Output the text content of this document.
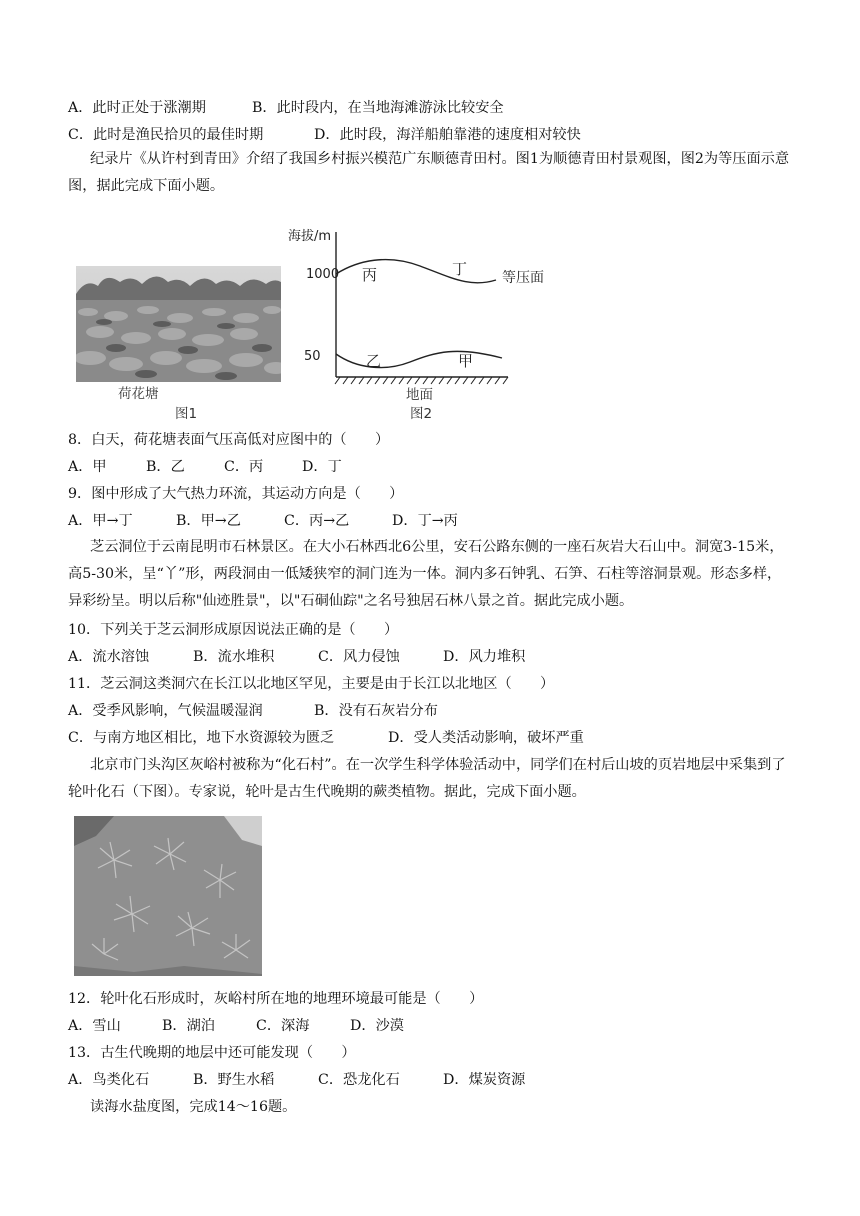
A．此时正处于涨潮期	B．此时段内，在当地海滩游泳比较安全
C．此时是渔民拾贝的最佳时期	D．此时段，海洋船舶靠港的速度相对较快
纪录片《从许村到青田》介绍了我国乡村振兴模范广东顺德青田村。图1为顺德青田村景观图，图2为等压面示意图，据此完成下面小题。
荷花塘
图1
海拔/m
1000
50
丙	丁 等压面
乙	甲
地面
图2
8．白天，荷花塘表面气压高低对应图中的（　　）
A．甲	B．乙	C．丙	D．丁
9．图中形成了大气热力环流，其运动方向是（　　）
A．甲→丁	B．甲→乙	C．丙→乙	D．丁→丙
芝云洞位于云南昆明市石林景区。在大小石林西北6公里，安石公路东侧的一座石灰岩大石山中。洞宽3-15米，高5-30米，呈“丫”形，两段洞由一低矮狭窄的洞门连为一体。洞内多石钟乳、石笋、石柱等溶洞景观。形态多样，异彩纷呈。明以后称"仙迹胜景"，以"石硐仙踪"之名号独居石林八景之首。据此完成小题。
10．下列关于芝云洞形成原因说法正确的是（　　）
A．流水溶蚀	B．流水堆积	C．风力侵蚀	D．风力堆积
11．芝云洞这类洞穴在长江以北地区罕见，主要是由于长江以北地区（　　）
A．受季风影响，气候温暖湿润	B．没有石灰岩分布
C．与南方地区相比，地下水资源较为匮乏	D．受人类活动影响，破坏严重
北京市门头沟区灰峪村被称为“化石村”。在一次学生科学体验活动中，同学们在村后山坡的页岩地层中采集到了轮叶化石（下图）。专家说，轮叶是古生代晚期的蕨类植物。据此，完成下面小题。
12．轮叶化石形成时，灰峪村所在地的地理环境最可能是（　　）
A．雪山	B．湖泊	C．深海	D．沙漠
13．古生代晚期的地层中还可能发现（　　）
A．鸟类化石	B．野生水稻	C．恐龙化石	D．煤炭资源
读海水盐度图，完成14～16题。
